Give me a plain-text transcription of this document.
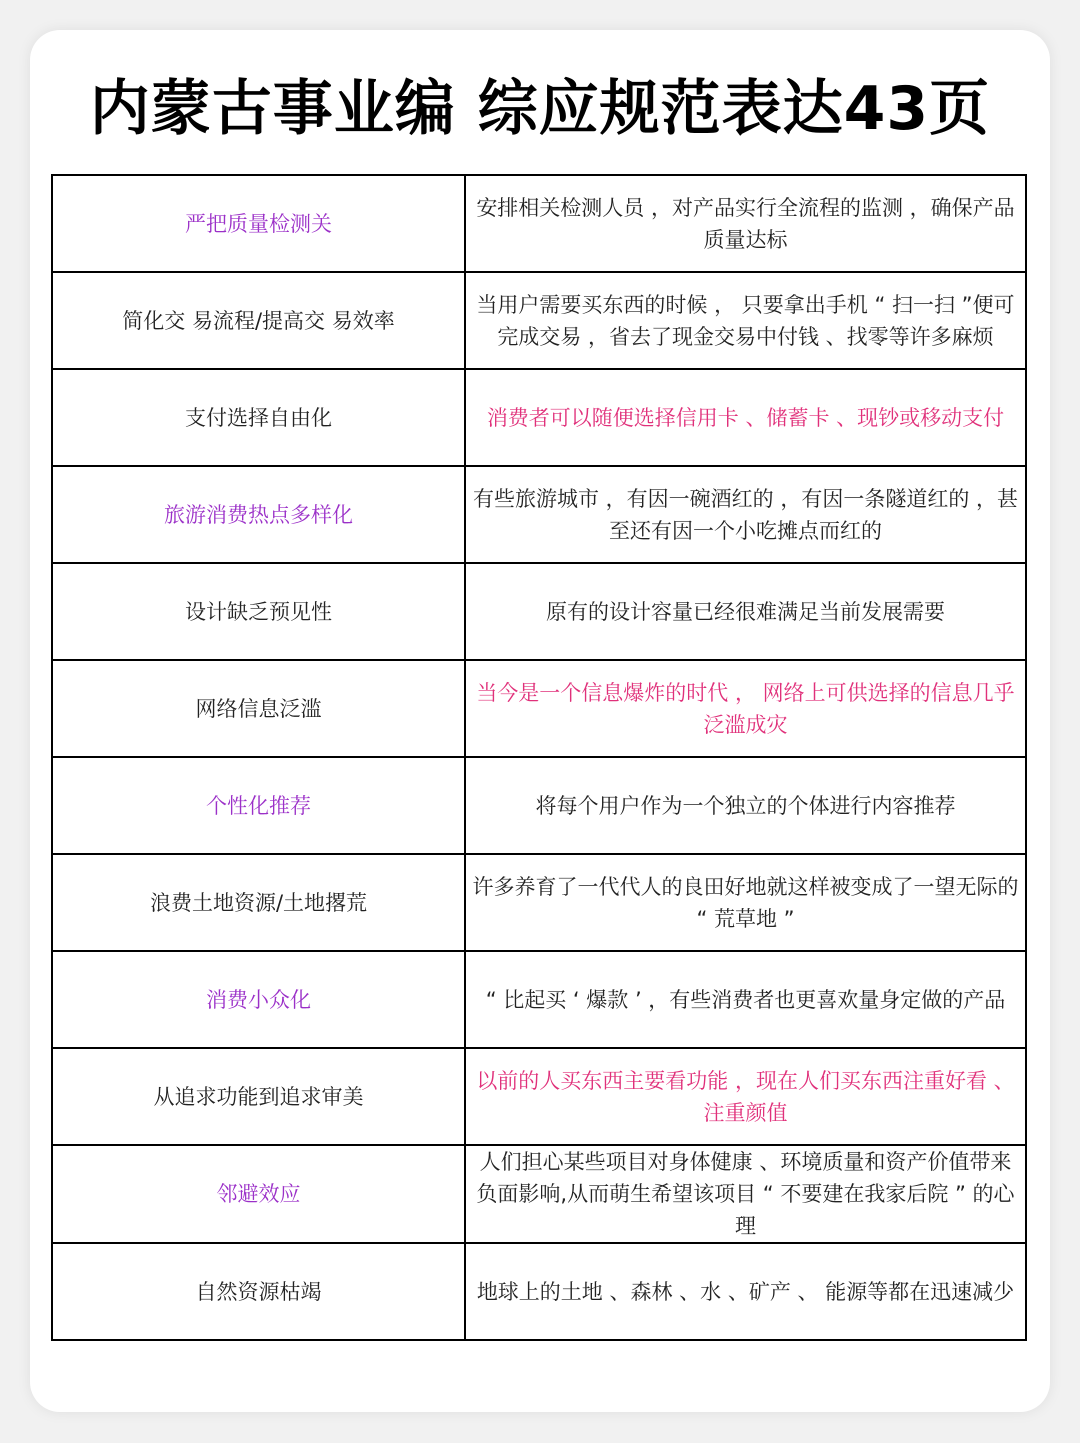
内蒙古事业编 综应规范表达43页
严把质量检测关	安排相关检测人员 ，对产品实行全流程的监测 ，确保产品质量达标
简化交 易流程/提高交 易效率	当用户需要买东西的时候 ， 只要拿出手机 “ 扫一扫 ”便可完成交易 ，省去了现金交易中付钱 、找零等许多麻烦
支付选择自由化	消费者可以随便选择信用卡 、储蓄卡 、现钞或移动支付
旅游消费热点多样化	有些旅游城市 ，有因一碗酒红的 ，有因一条隧道红的 ，甚至还有因一个小吃摊点而红的
设计缺乏预见性	原有的设计容量已经很难满足当前发展需要
网络信息泛滥	当今是一个信息爆炸的时代 ， 网络上可供选择的信息几乎泛滥成灾
个性化推荐	将每个用户作为一个独立的个体进行内容推荐
浪费土地资源/土地撂荒	许多养育了一代代人的良田好地就这样被变成了一望无际的 “ 荒草地 ”
消费小众化	“ 比起买 ‘ 爆款 ’ ，有些消费者也更喜欢量身定做的产品
从追求功能到追求审美	以前的人买东西主要看功能 ，现在人们买东西注重好看 、注重颜值
邻避效应	人们担心某些项目对身体健康 、环境质量和资产价值带来负面影响,从而萌生希望该项目 “ 不要建在我家后院 ” 的心理
自然资源枯竭	地球上的土地 、森林 、水 、矿产 、 能源等都在迅速减少
